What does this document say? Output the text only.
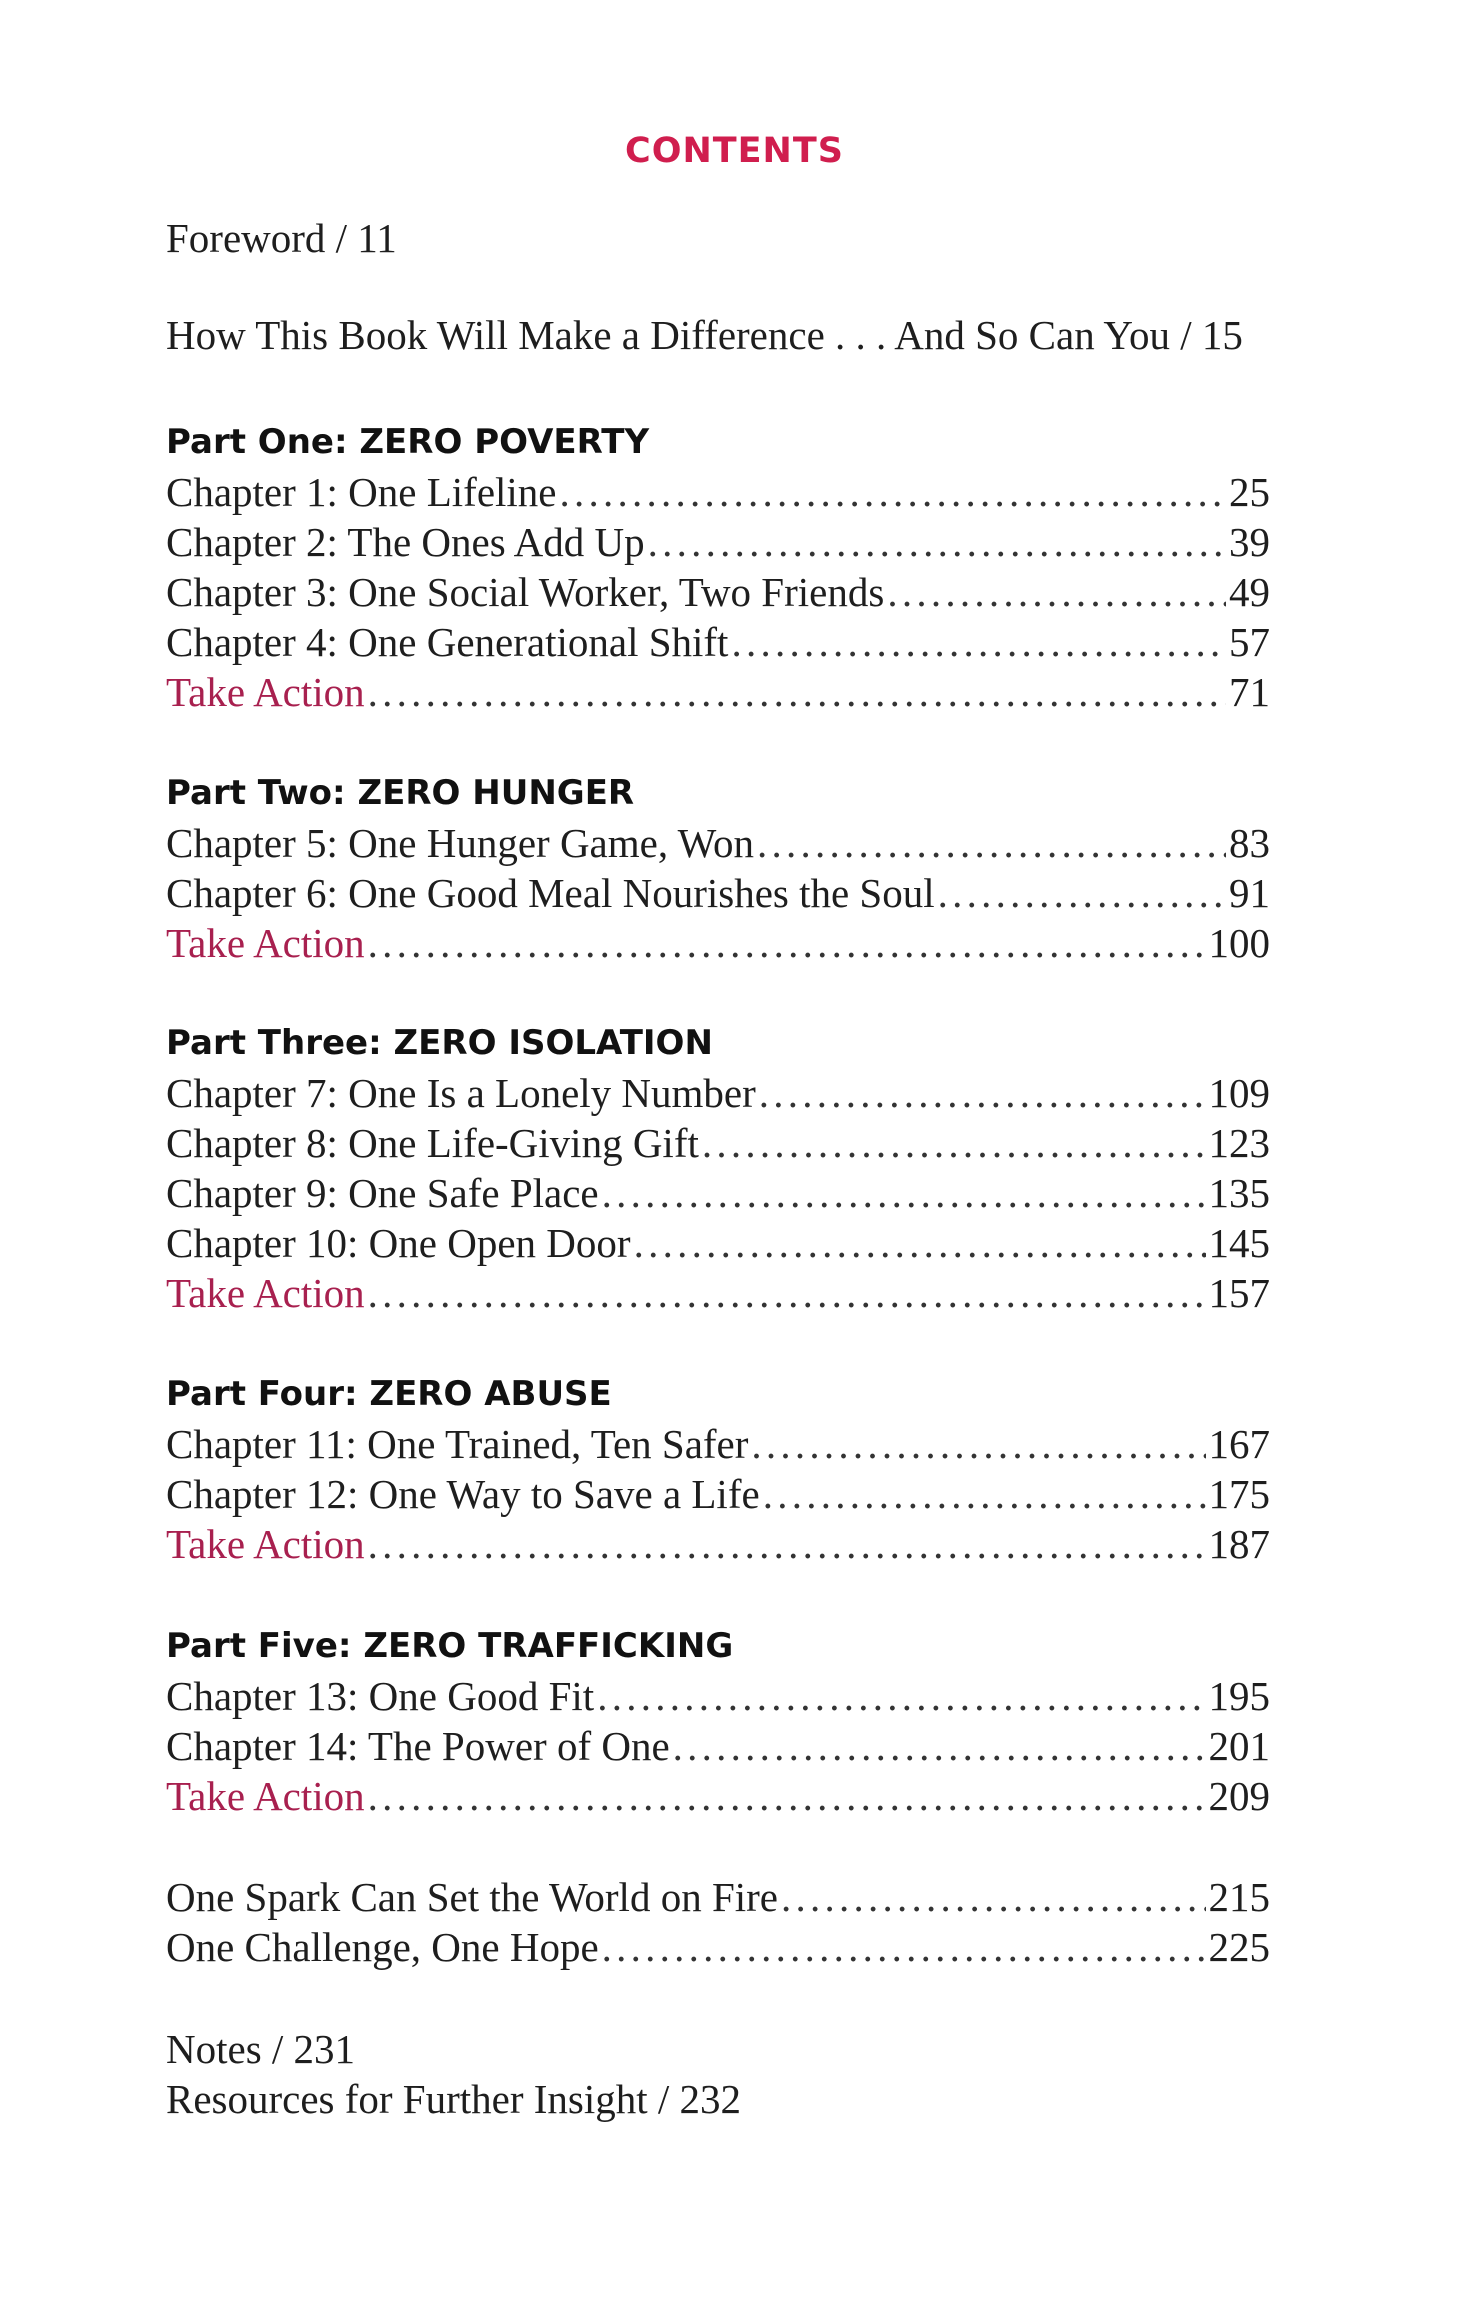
CONTENTS
Foreword / 11
How This Book Will Make a Difference . . . And So Can You / 15
Part One: ZERO POVERTY
Chapter 1: One Lifeline . . .	25
Chapter 2: The Ones Add Up . . .	39
Chapter 3: One Social Worker, Two Friends . . .	49
Chapter 4: One Generational Shift . . .	57
Take Action . . .	71
Part Two: ZERO HUNGER
Chapter 5: One Hunger Game, Won . . .	83
Chapter 6: One Good Meal Nourishes the Soul . . .	91
Take Action . . .	100
Part Three: ZERO ISOLATION
Chapter 7: One Is a Lonely Number . . .	109
Chapter 8: One Life-Giving Gift . . .	123
Chapter 9: One Safe Place . . .	135
Chapter 10: One Open Door . . .	145
Take Action . . .	157
Part Four: ZERO ABUSE
Chapter 11: One Trained, Ten Safer . . .	167
Chapter 12: One Way to Save a Life . . .	175
Take Action . . .	187
Part Five: ZERO TRAFFICKING
Chapter 13: One Good Fit . . .	195
Chapter 14: The Power of One . . .	201
Take Action . . .	209
One Spark Can Set the World on Fire . . .	215
One Challenge, One Hope . . .	225
Notes / 231
Resources for Further Insight / 232
